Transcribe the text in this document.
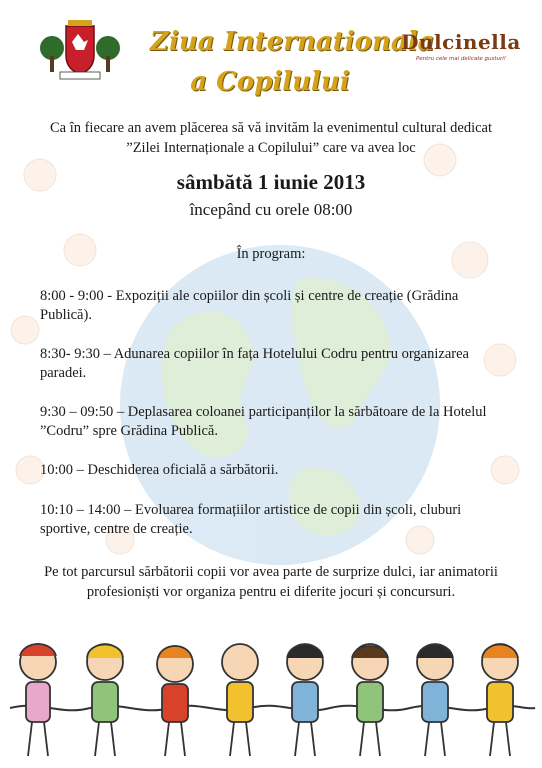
Ziua Internationala
a Copilului
Dulcinella
Pentru cele mai delicate gusturi!
Ca în fiecare an avem plăcerea să vă invităm la evenimentul cultural dedicat ”Zilei Internaționale a Copilului” care va avea loc
sâmbătă 1 iunie 2013
începând cu orele 08:00
În program:
8:00 - 9:00 - Expoziții ale copiilor din școli și centre de creație (Grădina Publică).
8:30- 9:30 – Adunarea copiilor în fața Hotelului Codru pentru organizarea paradei.
9:30 – 09:50 – Deplasarea coloanei participanților la sărbătoare de la Hotelul ”Codru” spre Grădina Publică.
10:00 – Deschiderea oficială a sărbătorii.
10:10 – 14:00 – Evoluarea formațiilor artistice de copii din școli, cluburi sportive, centre de creație.
Pe tot parcursul sărbătorii copii vor avea parte de surprize dulci, iar animatorii profesioniști vor organiza pentru ei diferite jocuri și concursuri.
